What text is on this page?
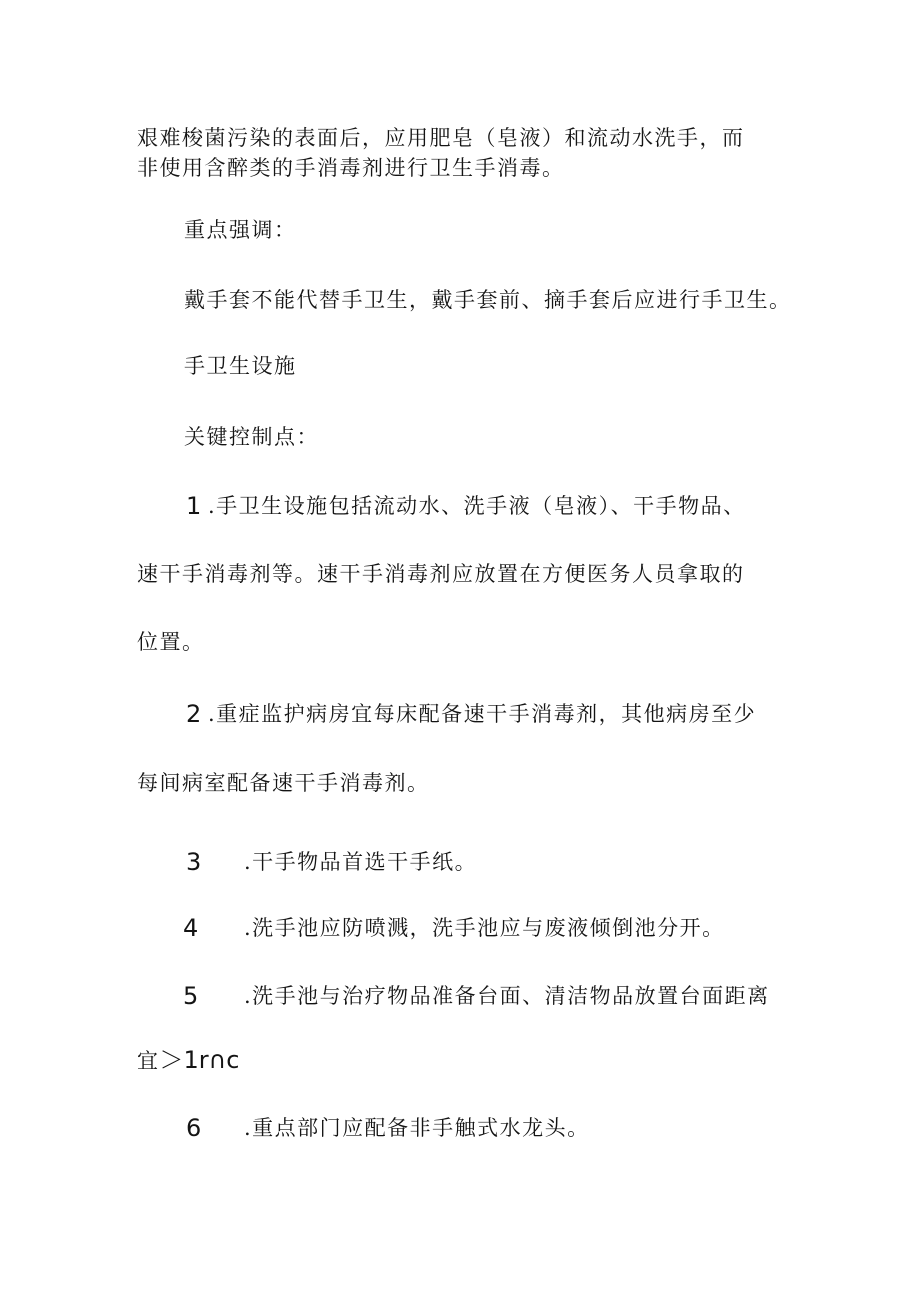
艰难梭菌污染的表面后，应用肥皂（皂液）和流动水洗手，而
非使用含醉类的手消毒剂进行卫生手消毒。
重点强调：
戴手套不能代替手卫生，戴手套前、摘手套后应进行手卫生。
手卫生设施
关键控制点：
1 .手卫生设施包括流动水、洗手液（皂液）、干手物品、
速干手消毒剂等。速干手消毒剂应放置在方便医务人员拿取的
位置。
2 .重症监护病房宜每床配备速干手消毒剂，其他病房至少
每间病室配备速干手消毒剂。
3 .干手物品首选干手纸。
4 .洗手池应防喷溅，洗手池应与废液倾倒池分开。
5 .洗手池与治疗物品准备台面、清洁物品放置台面距离
宜＞1r∩c
6 .重点部门应配备非手触式水龙头。
